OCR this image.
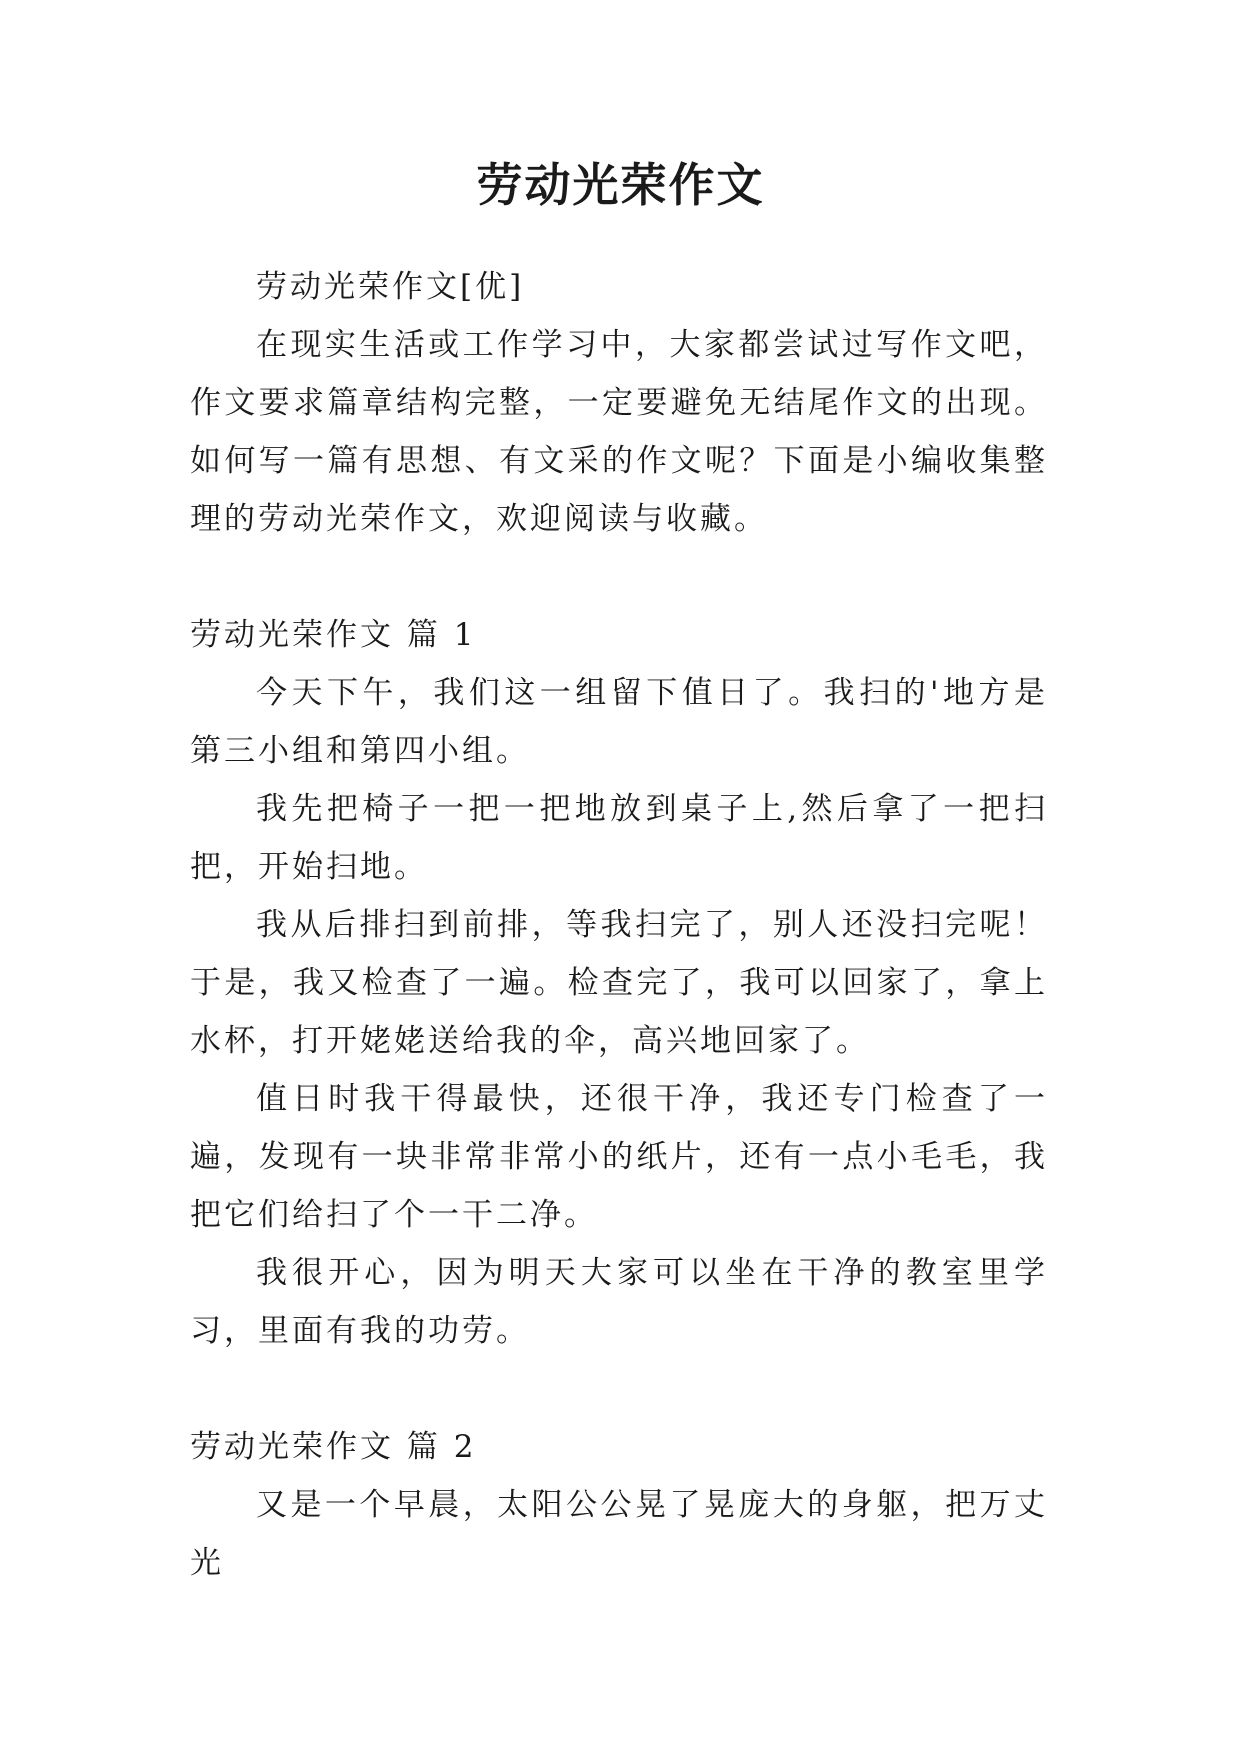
劳动光荣作文

劳动光荣作文[优]

在现实生活或工作学习中，大家都尝试过写作文吧，作文要求篇章结构完整，一定要避免无结尾作文的出现。如何写一篇有思想、有文采的作文呢？下面是小编收集整理的劳动光荣作文，欢迎阅读与收藏。

劳动光荣作文 篇 1

今天下午，我们这一组留下值日了。我扫的'地方是第三小组和第四小组。

我先把椅子一把一把地放到桌子上,然后拿了一把扫把，开始扫地。

我从后排扫到前排，等我扫完了，别人还没扫完呢！于是，我又检查了一遍。检查完了，我可以回家了，拿上水杯，打开姥姥送给我的伞，高兴地回家了。

值日时我干得最快，还很干净，我还专门检查了一遍，发现有一块非常非常小的纸片，还有一点小毛毛，我把它们给扫了个一干二净。

我很开心，因为明天大家可以坐在干净的教室里学习，里面有我的功劳。

劳动光荣作文 篇 2

又是一个早晨，太阳公公晃了晃庞大的身躯，把万丈光
